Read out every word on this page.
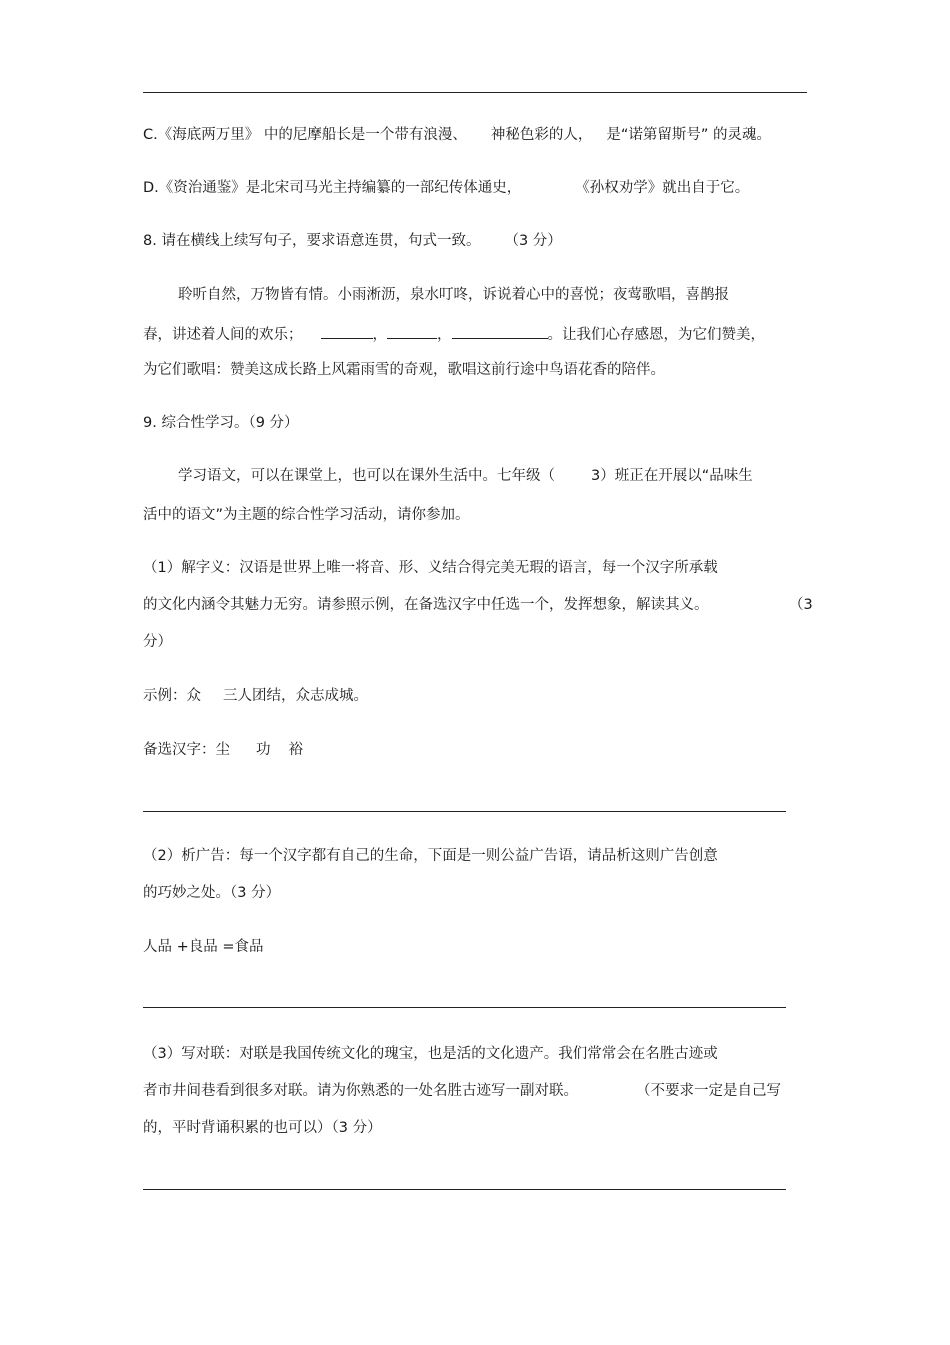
C.《海底两万里》 中的尼摩船长是一个带有浪漫、 神秘色彩的人， 是“诺第留斯号” 的灵魂。
D.《资治通鉴》是北宋司马光主持编纂的一部纪传体通史，	《孙权劝学》就出自于它。
8. 请在横线上续写句子，要求语意连贯，句式一致。 （3 分）
聆听自然，万物皆有情。小雨淅沥，泉水叮咚，诉说着心中的喜悦；夜莺歌唱，喜鹊报
春，讲述着人间的欢乐；	，	，	。让我们心存感恩，为它们赞美，
为它们歌唱：赞美这成长路上风霜雨雪的奇观，歌唱这前行途中鸟语花香的陪伴。
9. 综合性学习。（9 分）
学习语文，可以在课堂上，也可以在课外生活中。七年级（ 3）班正在开展以“品味生
活中的语文”为主题的综合性学习活动，请你参加。
（1）解字义：汉语是世界上唯一将音、形、义结合得完美无瑕的语言，每一个汉字所承载
的文化内涵令其魅力无穷。请参照示例，在备选汉字中任选一个，发挥想象，解读其义。	（3
分）
示例：众 三人团结，众志成城。
备选汉字：尘 功 裕
（2）析广告：每一个汉字都有自己的生命，下面是一则公益广告语，请品析这则广告创意
的巧妙之处。（3 分）
人品 +良品 =食品
（3）写对联：对联是我国传统文化的瑰宝，也是活的文化遗产。我们常常会在名胜古迹或
者市井间巷看到很多对联。请为你熟悉的一处名胜古迹写一副对联。	（不要求一定是自己写
的，平时背诵积累的也可以）（3 分）
